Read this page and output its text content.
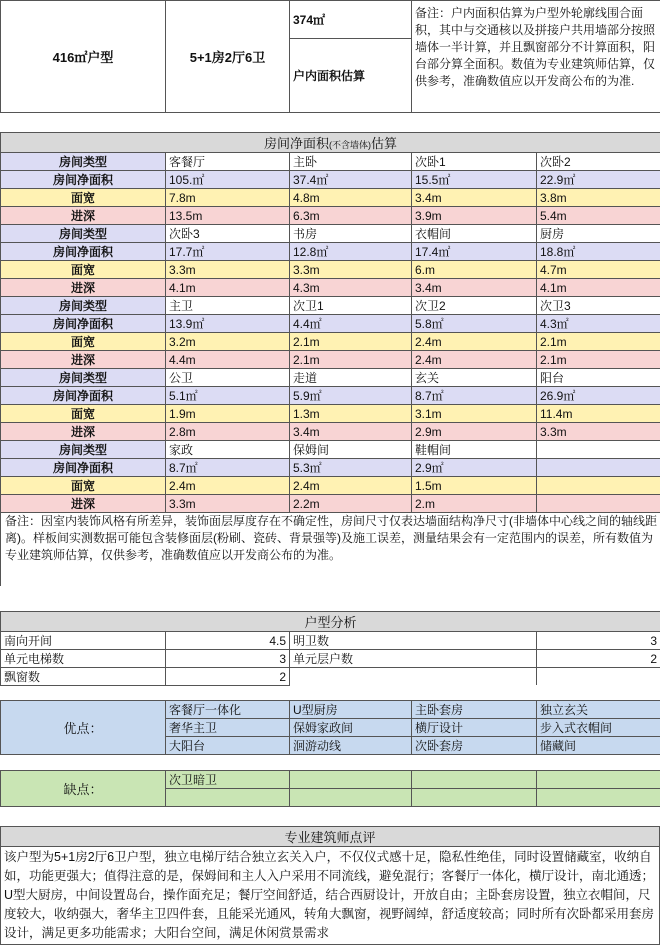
416㎡户型	5+1房2厅6卫	374㎡	备注：户内面积估算为户型外轮廓线围合面积，其中与交通核以及拼接户共用墙部分按照墙体一半计算，并且飘窗部分不计算面积，阳台部分算全面积。数值为专业建筑师估算，仅供参考，准确数值应以开发商公布的为准.
户内面积估算
房间净面积(不含墙体)估算				
房间类型	客餐厅	主卧	次卧1	次卧2
房间净面积	105.㎡	37.4㎡	15.5㎡	22.9㎡
面宽	7.8m	4.8m	3.4m	3.8m
进深	13.5m	6.3m	3.9m	5.4m
房间类型	次卧3	书房	衣帽间	厨房
房间净面积	17.7㎡	12.8㎡	17.4㎡	18.8㎡
面宽	3.3m	3.3m	6.m	4.7m
进深	4.1m	4.3m	3.4m	4.1m
房间类型	主卫	次卫1	次卫2	次卫3
房间净面积	13.9㎡	4.4㎡	5.8㎡	4.3㎡
面宽	3.2m	2.1m	2.4m	2.1m
进深	4.4m	2.1m	2.4m	2.1m
房间类型	公卫	走道	玄关	阳台
房间净面积	5.1㎡	5.9㎡	8.7㎡	26.9㎡
面宽	1.9m	1.3m	3.1m	11.4m
进深	2.8m	3.4m	2.9m	3.3m
房间类型	家政	保姆间	鞋帽间	
房间净面积	8.7㎡	5.3㎡	2.9㎡	
面宽	2.4m	2.4m	1.5m	
进深	3.3m	2.2m	2.m	
备注：因室内装饰风格有所差异，装饰面层厚度存在不确定性，房间尺寸仅表达墙面结构净尺寸(非墙体中心线之间的轴线距离)。样板间实测数据可能包含装修面层(粉刷、瓷砖、背景强等)及施工误差，测量结果会有一定范围内的误差，所有数值为专业建筑师估算，仅供参考，准确数值应以开发商公布的为准。
户型分析			
南向开间	4.5	明卫数	3
单元电梯数	3	单元层户数	2
飘窗数	2		
优点：	客餐厅一体化	U型厨房	主卧套房	独立玄关
	奢华主卫	保姆家政间	横厅设计	步入式衣帽间
	大阳台	洄游动线	次卧套房	储藏间
缺点：	次卫暗卫			

专业建筑师点评
该户型为5+1房2厅6卫户型，独立电梯厅结合独立玄关入户，不仅仪式感十足，隐私性绝佳，同时设置储藏室，收纳自如，功能更强大；值得注意的是，保姆间和主人入户采用不同流线，避免混行；客餐厅一体化，横厅设计，南北通透；U型大厨房，中间设置岛台，操作面充足；餐厅空间舒适，结合西厨设计，开放自由；主卧套房设置，独立衣帽间，尺度较大，收纳强大，奢华主卫四件套，且能采光通风，转角大飘窗，视野阔绰，舒适度较高；同时所有次卧都采用套房设计，满足更多功能需求；大阳台空间，满足休闲赏景需求
